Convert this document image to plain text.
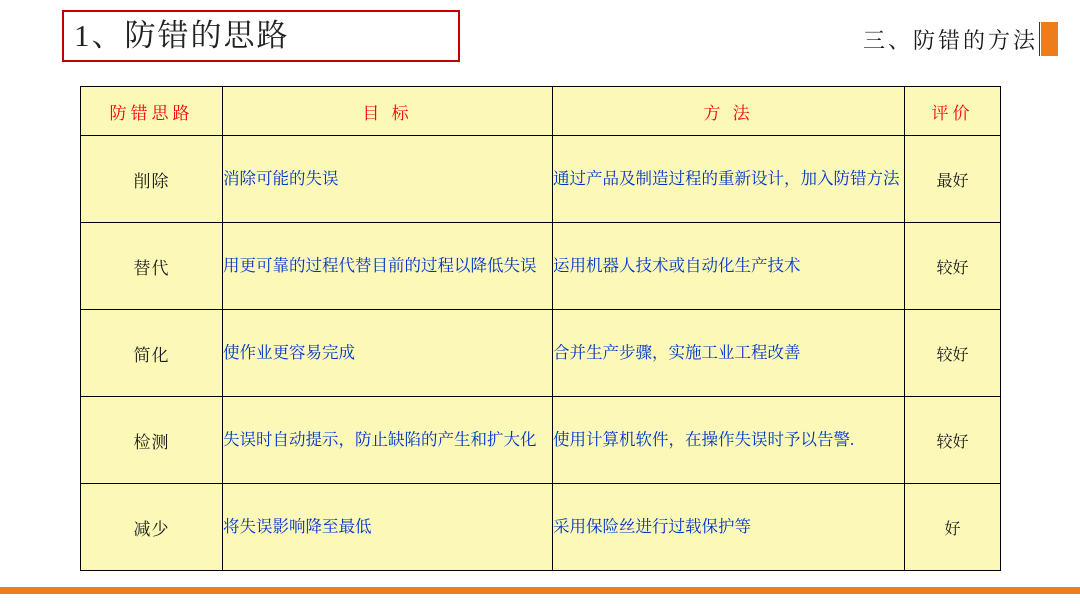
1、防错的思路	三、防错的方法
防错思路	目 标	方 法	评价
削除	消除可能的失误	通过产品及制造过程的重新设计，加入防错方法	最好
替代	用更可靠的过程代替目前的过程以降低失误	运用机器人技术或自动化生产技术	较好
简化	使作业更容易完成	合并生产步骤，实施工业工程改善	较好
检测	失误时自动提示，防止缺陷的产生和扩大化	使用计算机软件，在操作失误时予以告警.	较好
减少	将失误影响降至最低	采用保险丝进行过载保护等	好
